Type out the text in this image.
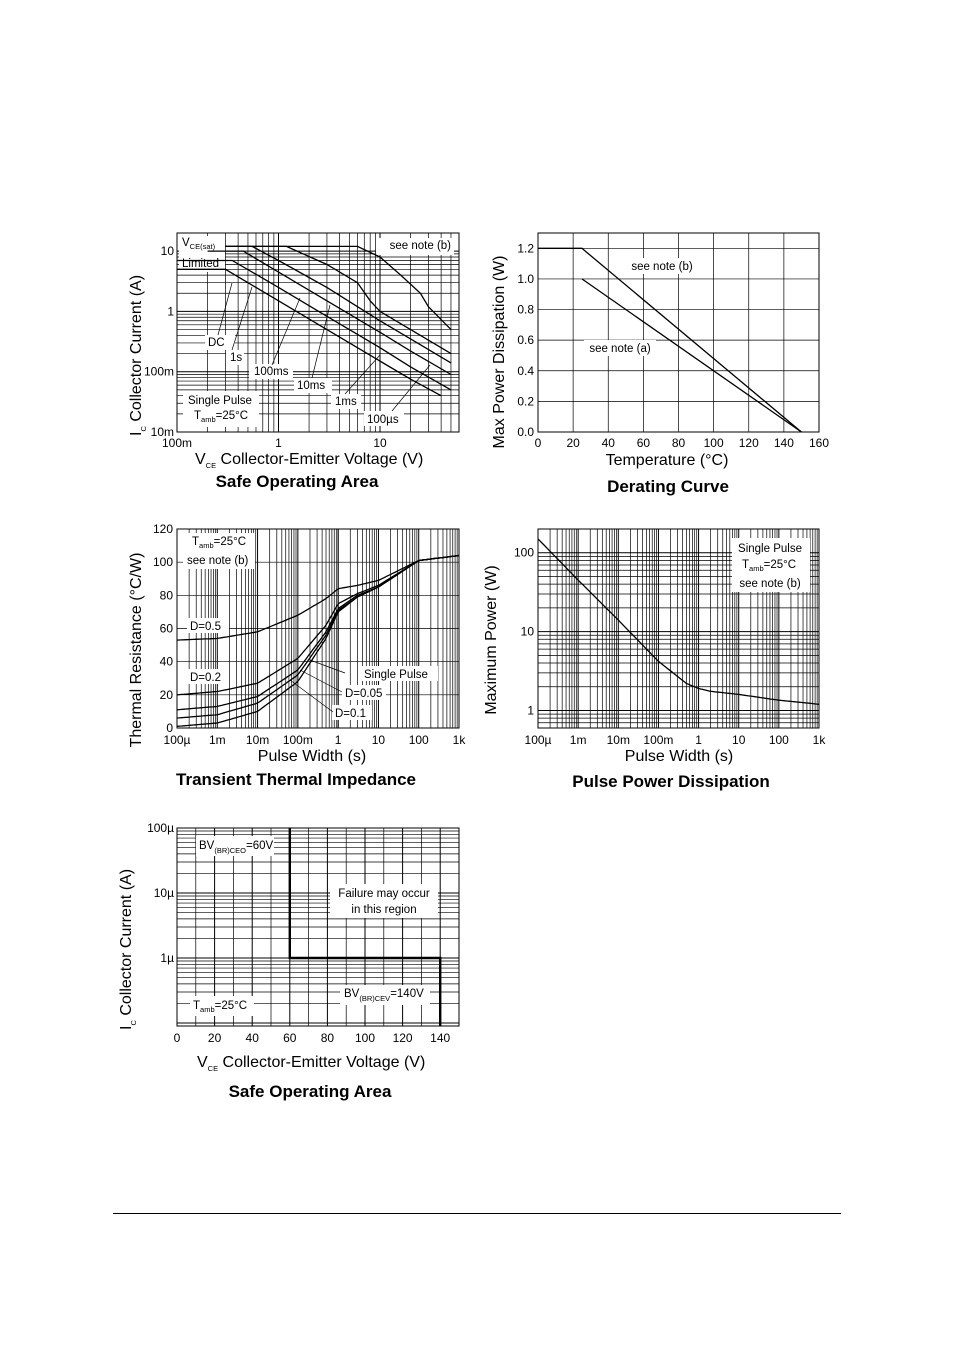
DC
1s
100ms
10ms
1ms
100µs
$V_{CE(sat)}$
Limited
see note (b)
Single Pulse
$T_{amb}=25^\circ C$
100m	1	10
10
1
100m
10m
$V_{CE}$ Collector-Emitter Voltage (V)
$I_C$ Collector Current (A)
Safe Operating Area
see note (b)
see note (a)
0 20 40 60 80 100 120 140 160
0.0
0.2
0.4
0.6
0.8
1.0
1.2
Temperature (°C)
Max Power Dissipation (W)
Derating Curve
D=0.5
D=0.2
D=0.1
D=0.05
Single Pulse
$T_{amb}=25^\circ C$
see note (b)
100µ 1m 10m 100m 1	10 100 1k
0
20
40
60
80
100
120
Pulse Width (s)
Thermal Resistance (°C/W)
Transient Thermal Impedance
Single Pulse
$T_{amb}=25^\circ C$
see note (b)
100µ 1m 10m 100m 1	10 100 1k
100
10
1
Pulse Width (s)
Maximum Power (W)
Pulse Power Dissipation
$BV_{(BR)CEO}=60V$
Failure may occur
in this region
$BV_{(BR)CEV}=140V$
$T_{amb}=25^\circ C$
0 20 40 60 80 100 120 140
100µ
10µ
1µ
$V_{CE}$ Collector-Emitter Voltage (V)
$I_C$ Collector Current (A)
Safe Operating Area
